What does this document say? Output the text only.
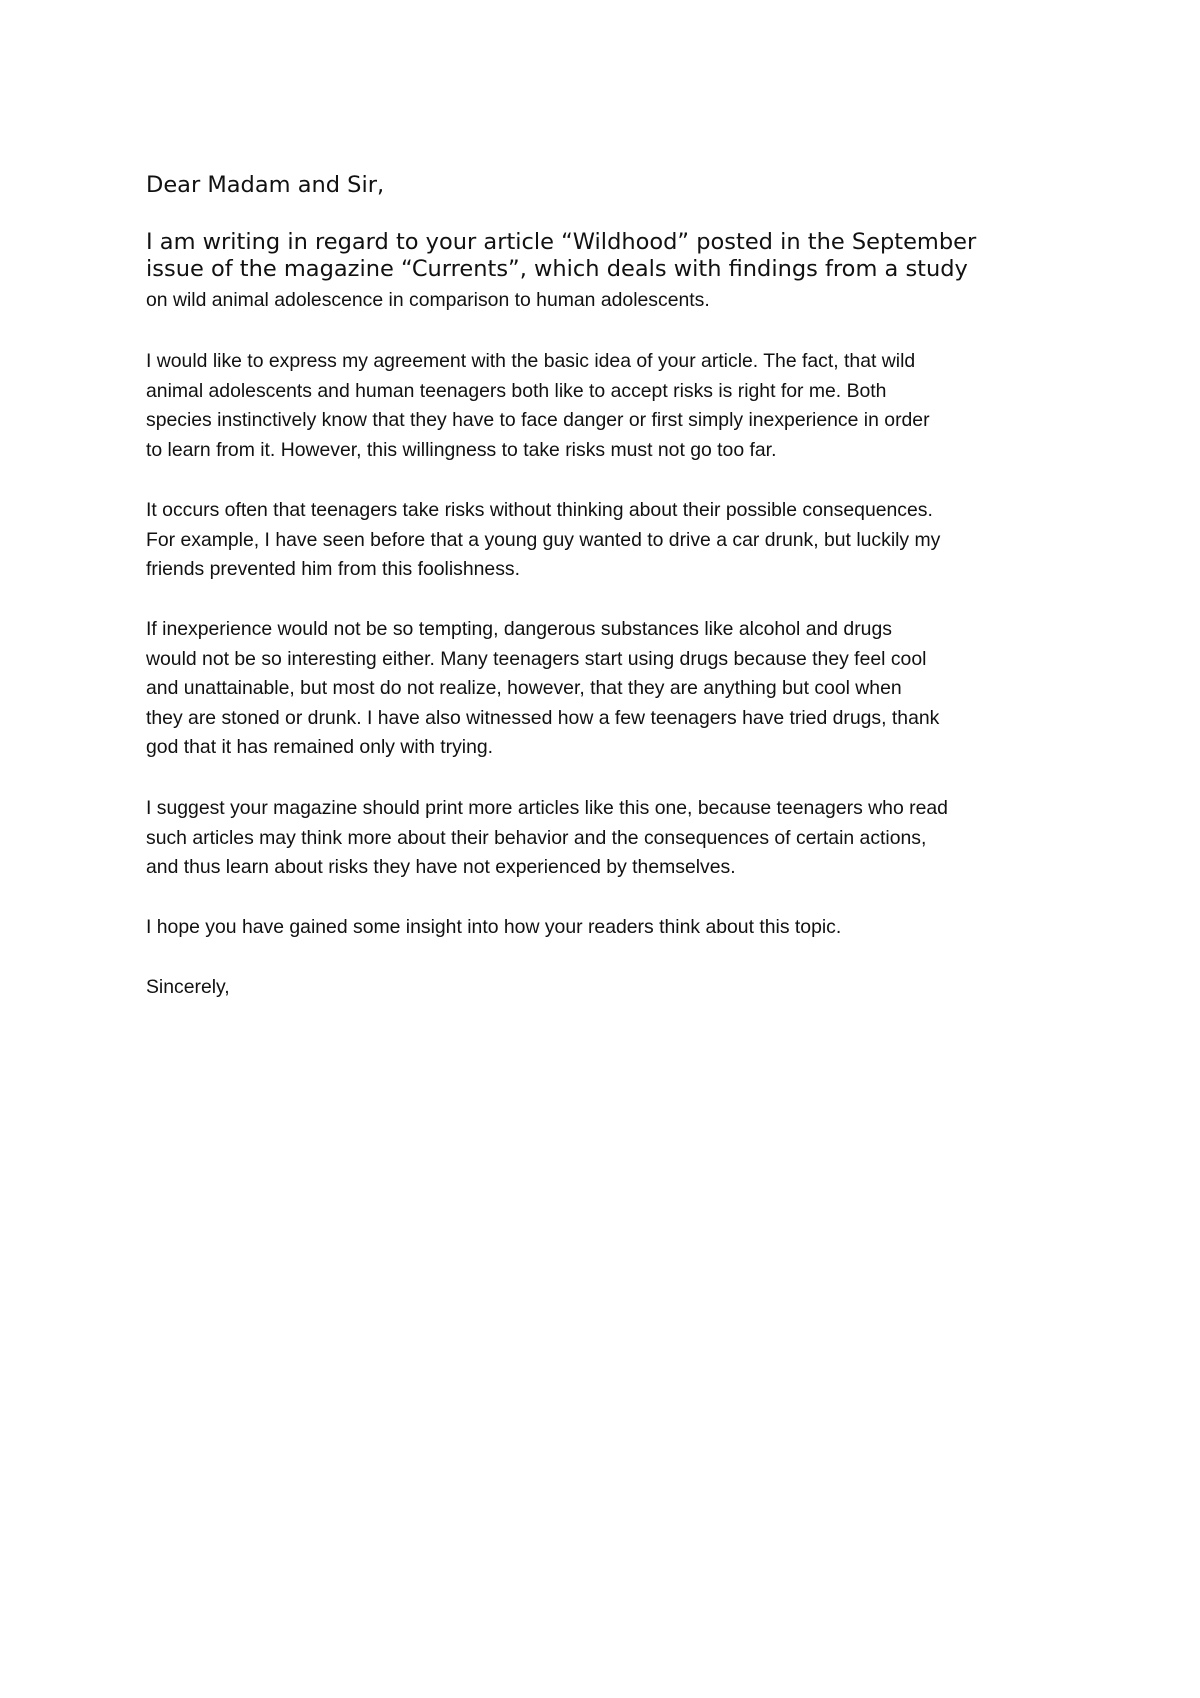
Dear Madam and Sir,
I am writing in regard to your article “Wildhood” posted in the September
issue of the magazine “Currents”, which deals with findings from a study
on wild animal adolescence in comparison to human adolescents.
I would like to express my agreement with the basic idea of your article. The fact, that wild
animal adolescents and human teenagers both like to accept risks is right for me. Both
species instinctively know that they have to face danger or first simply inexperience in order
to learn from it. However, this willingness to take risks must not go too far.
It occurs often that teenagers take risks without thinking about their possible consequences.
For example, I have seen before that a young guy wanted to drive a car drunk, but luckily my
friends prevented him from this foolishness.
If inexperience would not be so tempting, dangerous substances like alcohol and drugs
would not be so interesting either. Many teenagers start using drugs because they feel cool
and unattainable, but most do not realize, however, that they are anything but cool when
they are stoned or drunk. I have also witnessed how a few teenagers have tried drugs, thank
god that it has remained only with trying.
I suggest your magazine should print more articles like this one, because teenagers who read
such articles may think more about their behavior and the consequences of certain actions,
and thus learn about risks they have not experienced by themselves.
I hope you have gained some insight into how your readers think about this topic.
Sincerely,
